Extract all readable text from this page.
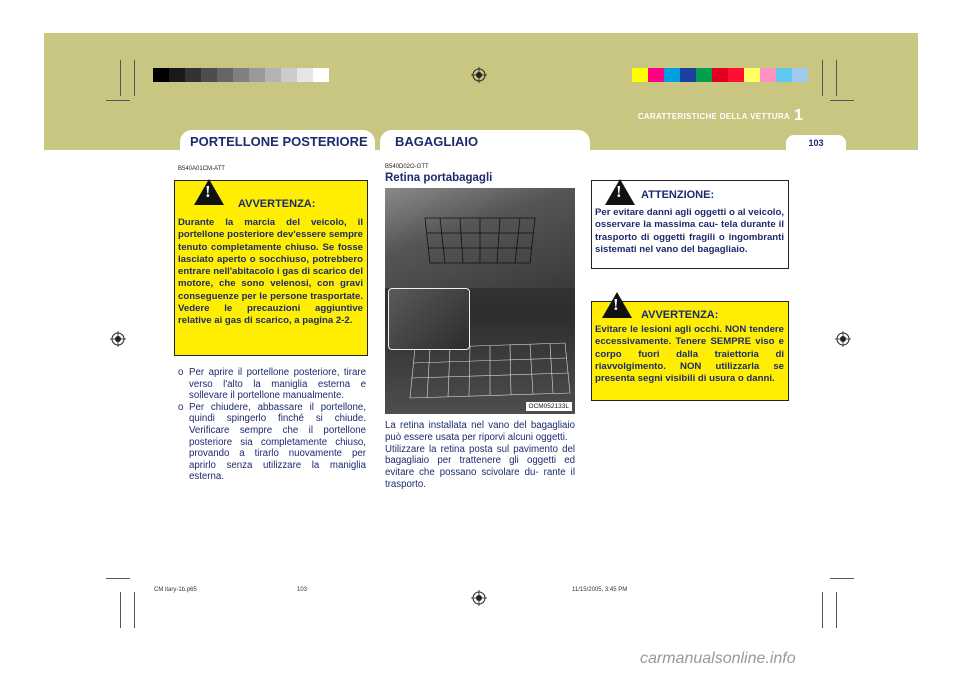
CARATTERISTICHE DELLA VETTURA 1
PORTELLONE POSTERIORE	BAGAGLIAIO	103
B540A01CM-ATT
!
AVVERTENZA:
Durante la marcia del veicolo, il portellone posteriore dev'essere sempre tenuto completamente chiuso. Se fosse lasciato aperto o socchiuso, potrebbero entrare nell'abitacolo i gas di scarico del motore, che sono velenosi, con gravi conseguenze per le persone trasportate. Vedere le precauzioni aggiuntive relative ai gas di scarico, a pagina 2-2.
o Per aprire il portellone posteriore, tirare verso l'alto la maniglia esterna e sollevare il portellone manualmente.
o Per chiudere, abbassare il portellone, quindi spingerlo finché si chiude. Verificare sempre che il portellone posteriore sia completamente chiuso, provando a tirarlo nuovamente per aprirlo senza utilizzare la maniglia esterna.
B540D02O-GTT
Retina portabagagli
OCM052133L
La retina installata nel vano del bagagliaio può essere usata per riporvi alcuni oggetti.
Utilizzare la retina posta sul pavimento del bagagliaio per trattenere gli oggetti ed evitare che possano scivolare du- rante il trasporto.
! ATTENZIONE:
Per evitare danni agli oggetti o al veicolo, osservare la massima cau- tela durante il trasporto di oggetti fragili o ingombranti sistemati nel vano del bagagliaio.
!
AVVERTENZA:
Evitare le lesioni agli occhi. NON tendere eccessivamente. Tenere SEMPRE viso e corpo fuori dalla traiettoria di riavvolgimento. NON utilizzarla se presenta segni visibili di usura o danni.
CM itary-1b.p65	103	11/15/2005, 3:45 PM
carmanualsonline.info
